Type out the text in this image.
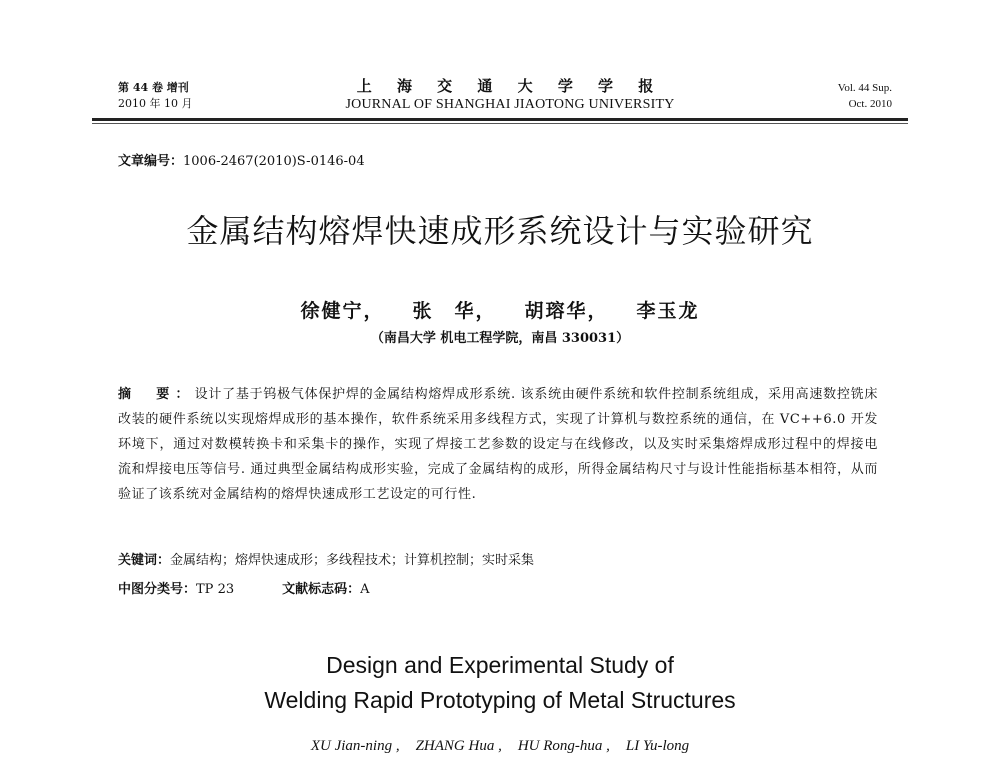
第 44 卷 增刊
2010 年 10 月
上 海 交 通 大 学 学 报
JOURNAL OF SHANGHAI JIAOTONG UNIVERSITY
Vol. 44 Sup.
Oct. 2010
文章编号：1006-2467(2010)S-0146-04
金属结构熔焊快速成形系统设计与实验研究
徐健宁， 张　华， 胡瑢华， 李玉龙
（南昌大学 机电工程学院，南昌 330031）
摘　要：设计了基于钨极气体保护焊的金属结构熔焊成形系统. 该系统由硬件系统和软件控制系统组成，采用高速数控铣床改装的硬件系统以实现熔焊成形的基本操作，软件系统采用多线程方式，实现了计算机与数控系统的通信，在 VC++6.0 开发环境下，通过对数模转换卡和采集卡的操作，实现了焊接工艺参数的设定与在线修改，以及实时采集熔焊成形过程中的焊接电流和焊接电压等信号. 通过典型金属结构成形实验，完成了金属结构的成形，所得金属结构尺寸与设计性能指标基本相符，从而验证了该系统对金属结构的熔焊快速成形工艺设定的可行性.
关键词：金属结构；熔焊快速成形；多线程技术；计算机控制；实时采集
中图分类号：TP 23	文献标志码：A
Design and Experimental Study of
Welding Rapid Prototyping of Metal Structures
XU Jian-ning , ZHANG Hua , HU Rong-hua , LI Yu-long
